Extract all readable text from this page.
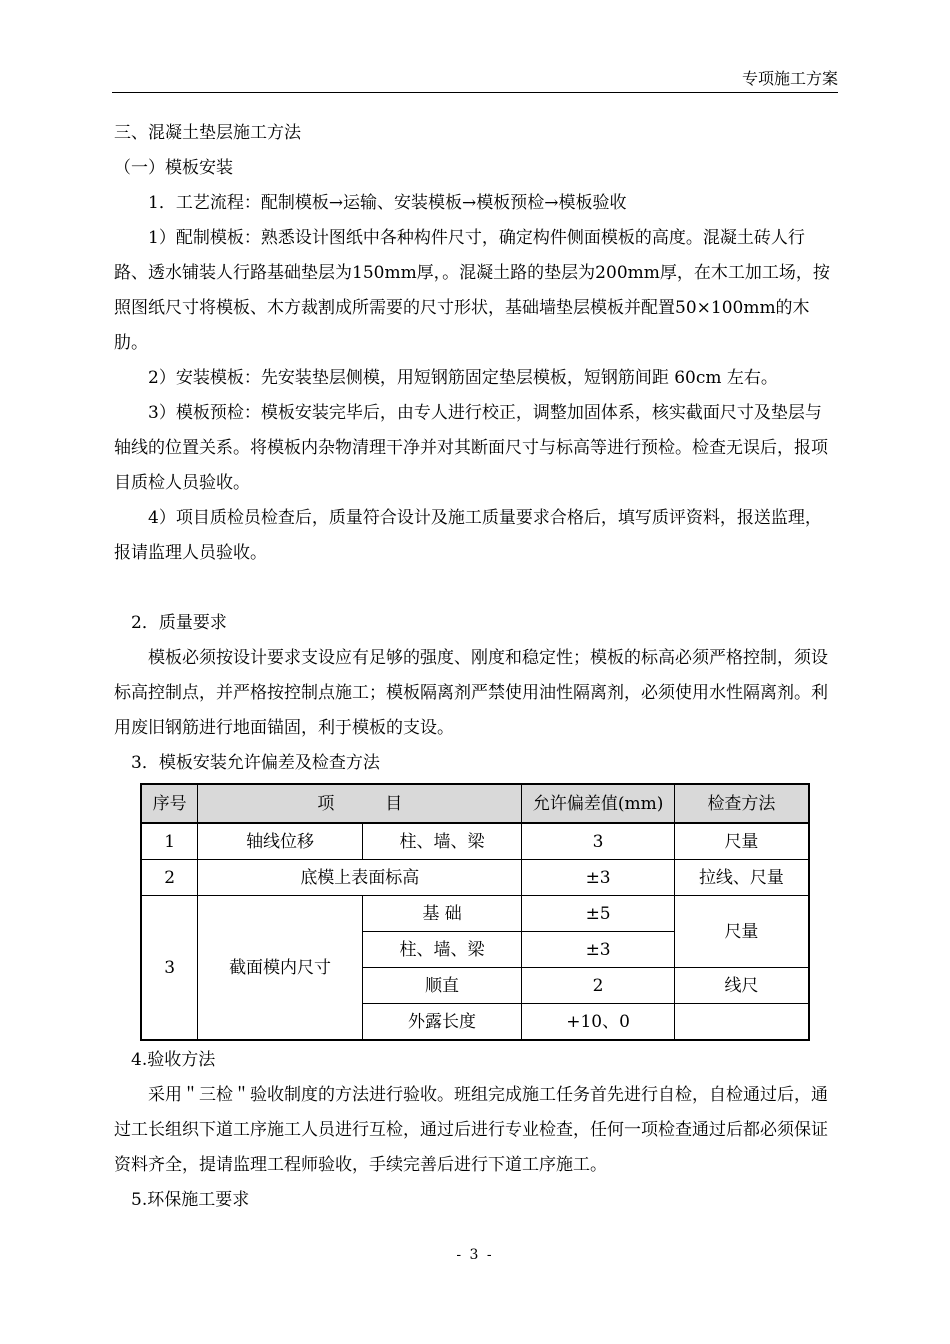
专项施工方案

三、混凝土垫层施工方法

（一）模板安装

1．工艺流程：配制模板→运输、安装模板→模板预检→模板验收

1）配制模板：熟悉设计图纸中各种构件尺寸，确定构件侧面模板的高度。混凝土砖人行路、透水铺装人行路基础垫层为150mm厚，。混凝土路的垫层为200mm厚，在木工加工场，按照图纸尺寸将模板、木方裁割成所需要的尺寸形状，基础墙垫层模板并配置50×100mm的木肋。

2）安装模板：先安装垫层侧模，用短钢筋固定垫层模板，短钢筋间距 60cm 左右。

3）模板预检：模板安装完毕后，由专人进行校正，调整加固体系，核实截面尺寸及垫层与轴线的位置关系。将模板内杂物清理干净并对其断面尺寸与标高等进行预检。检查无误后，报项目质检人员验收。

4）项目质检员检查后，质量符合设计及施工质量要求合格后，填写质评资料，报送监理，报请监理人员验收。

2．质量要求

模板必须按设计要求支设应有足够的强度、刚度和稳定性；模板的标高必须严格控制，须设标高控制点，并严格按控制点施工；模板隔离剂严禁使用油性隔离剂，必须使用水性隔离剂。利用废旧钢筋进行地面锚固，利于模板的支设。

3．模板安装允许偏差及检查方法

序号	项　　　目		允许偏差值(mm)	检查方法
1	轴线位移	柱、墙、梁	3	尺量
2	底模上表面标高		±3	拉线、尺量
3	截面模内尺寸	基 础	±5	尺量
		柱、墙、梁	±3	
		顺直	2	线尺
		外露长度	+10、0	

4.验收方法

采用＂三检＂验收制度的方法进行验收。班组完成施工任务首先进行自检，自检通过后，通过工长组织下道工序施工人员进行互检，通过后进行专业检查，任何一项检查通过后都必须保证资料齐全，提请监理工程师验收，手续完善后进行下道工序施工。

5.环保施工要求

- 3 -
